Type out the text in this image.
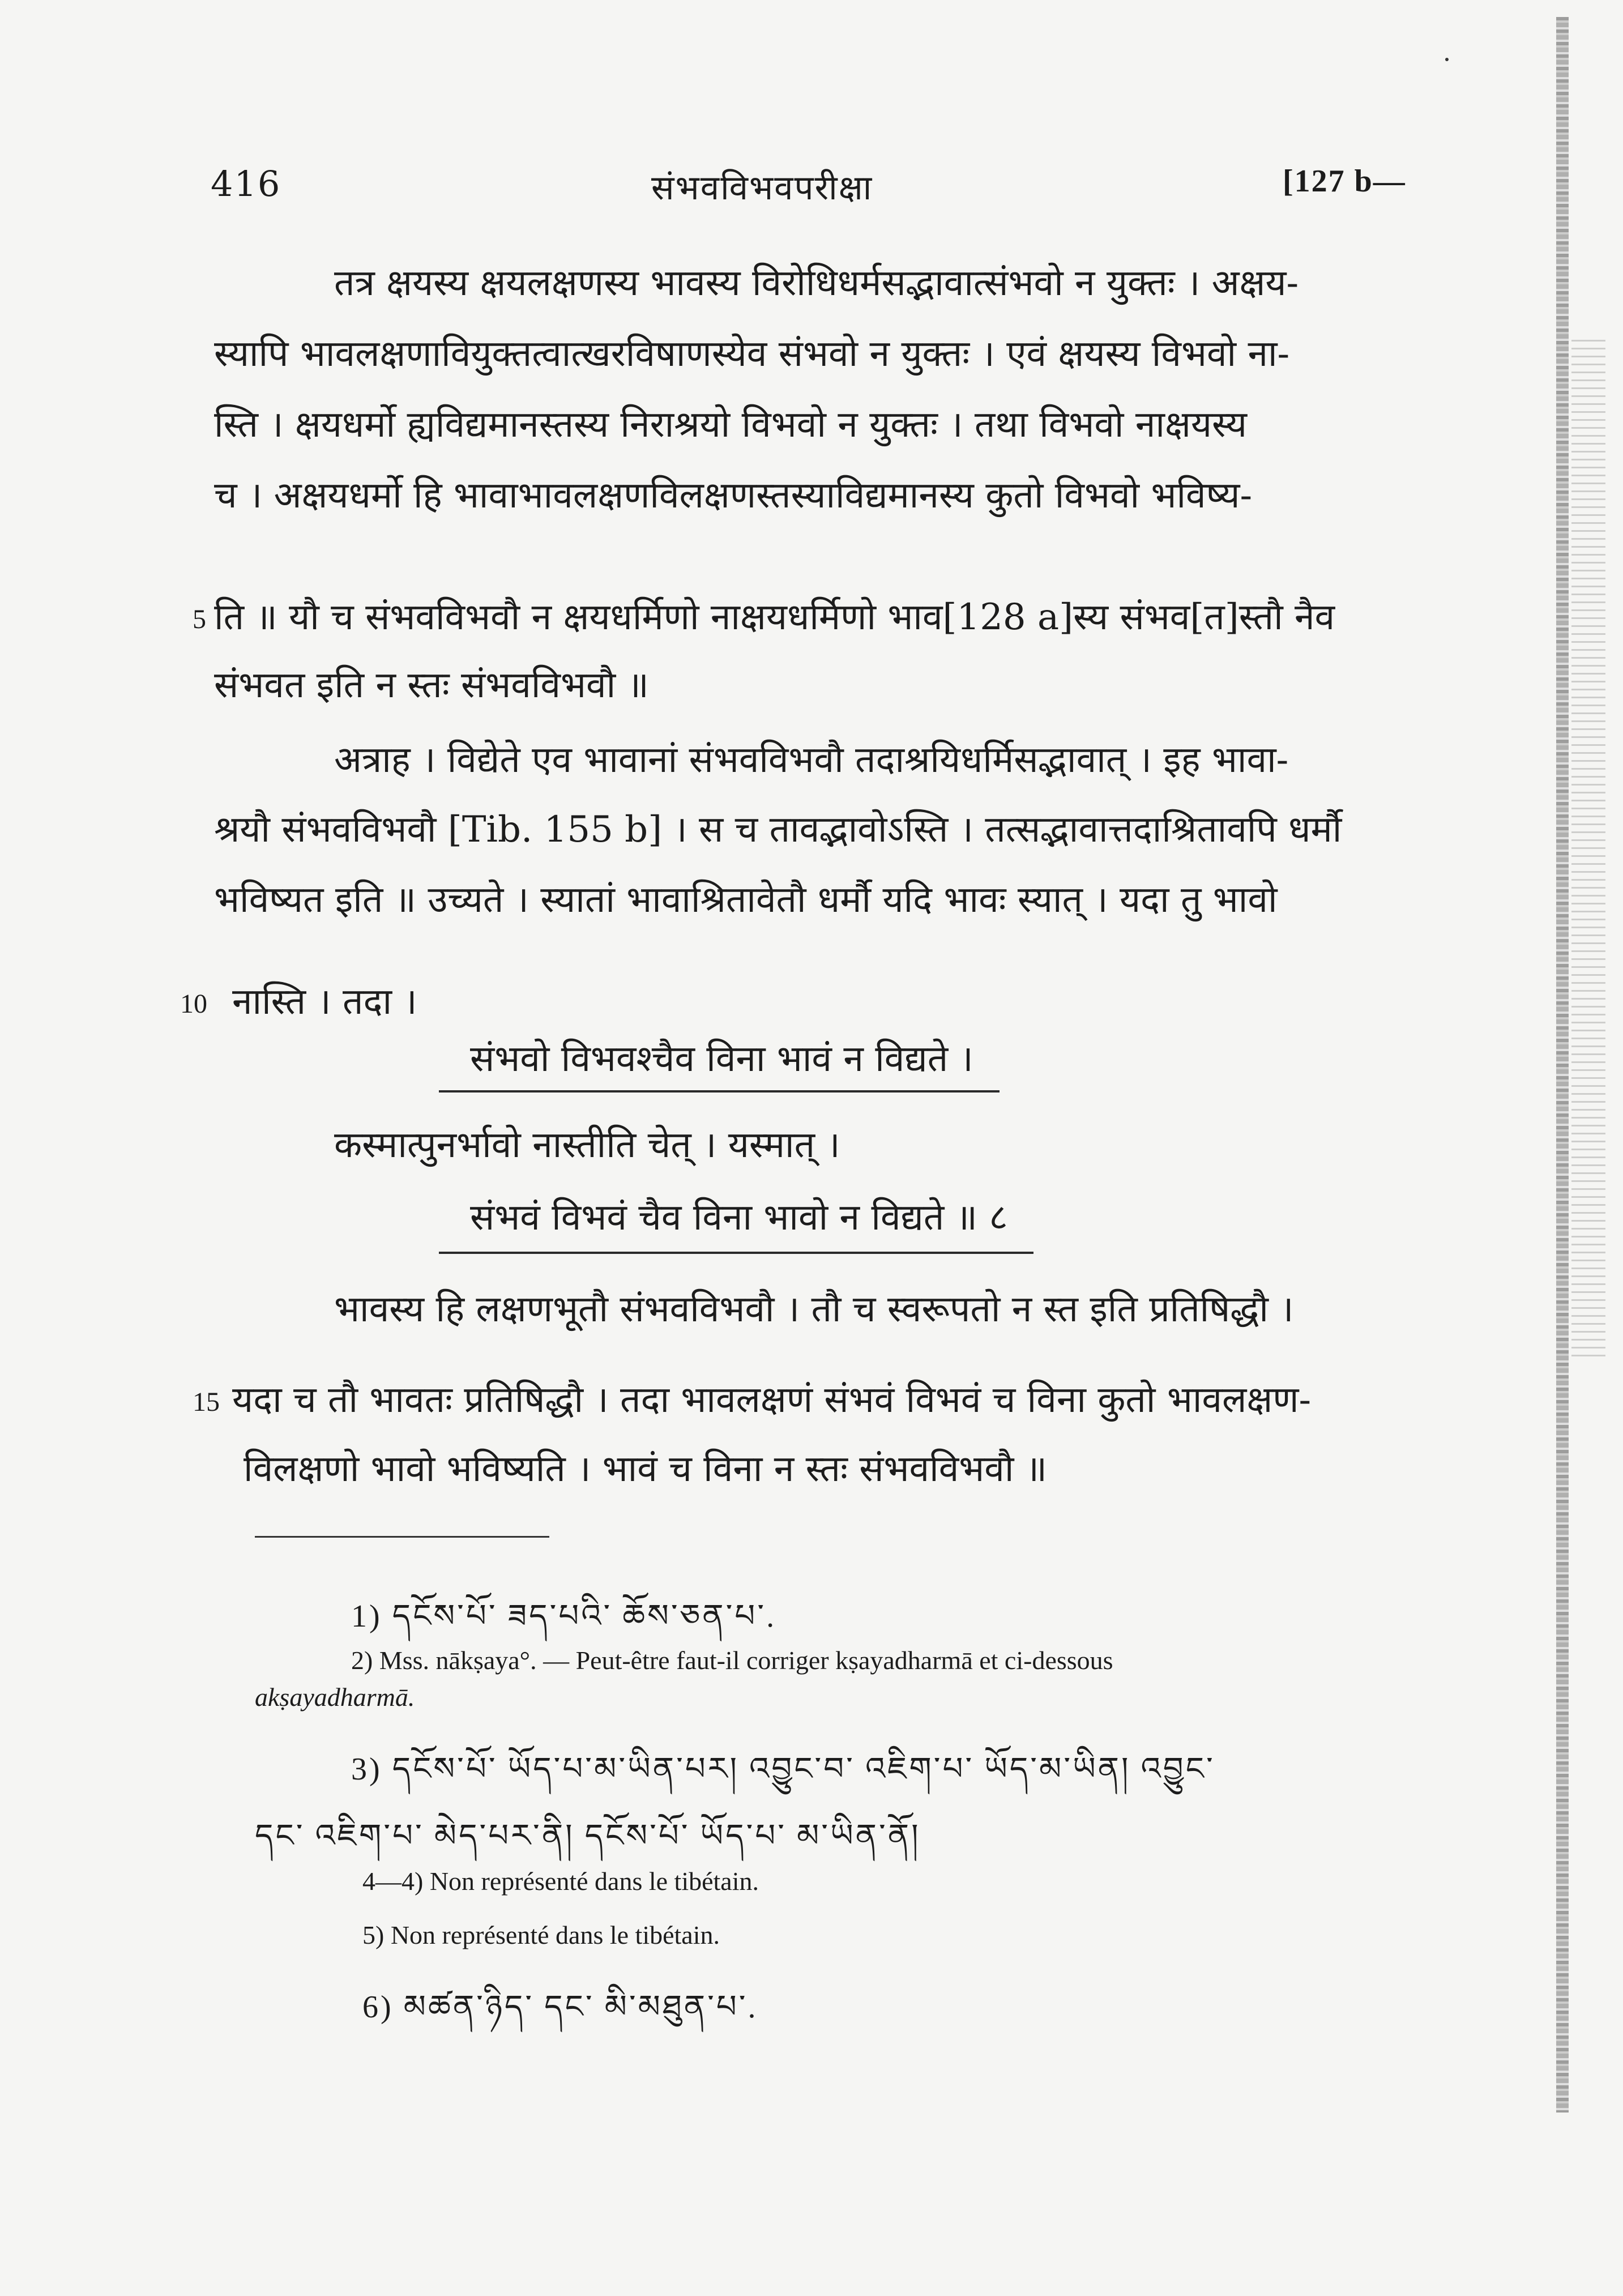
416	संभवविभवपरीक्षा	[127 b—
तत्र क्षयस्य क्षयलक्षणस्य भावस्य विरोधिधर्मसद्भावात्संभवो न युक्तः । अक्षय-
स्यापि भावलक्षणावियुक्तत्वात्खरविषाणस्येव संभवो न युक्तः । एवं क्षयस्य विभवो ना-
स्ति । क्षयधर्मो ह्यविद्यमानस्तस्य निराश्रयो विभवो न युक्तः । तथा विभवो नाक्षयस्य
च । अक्षयधर्मो हि भावाभावलक्षणविलक्षणस्तस्याविद्यमानस्य कुतो विभवो भविष्य-
5 ति ॥ यौ च संभवविभवौ न क्षयधर्मिणो नाक्षयधर्मिणो भाव[128 a]स्य संभव[त]स्तौ नैव
संभवत इति न स्तः संभवविभवौ ॥
अत्राह । विद्येते एव भावानां संभवविभवौ तदाश्रयिधर्मिसद्भावात् । इह भावा-
श्रयौ संभवविभवौ [Tib. 155 b] । स च तावद्भावोऽस्ति । तत्सद्भावात्तदाश्रितावपि धर्मौ
भविष्यत इति ॥ उच्यते । स्यातां भावाश्रितावेतौ धर्मौ यदि भावः स्यात् । यदा तु भावो
10 नास्ति । तदा ।
संभवो विभवश्चैव विना भावं न विद्यते ।
कस्मात्पुनर्भावो नास्तीति चेत् । यस्मात् ।
संभवं विभवं चैव विना भावो न विद्यते ॥ ८
भावस्य हि लक्षणभूतौ संभवविभवौ । तौ च स्वरूपतो न स्त इति प्रतिषिद्धौ ।
15 यदा च तौ भावतः प्रतिषिद्धौ । तदा भावलक्षणं संभवं विभवं च विना कुतो भावलक्षण-
विलक्षणो भावो भविष्यति । भावं च विना न स्तः संभवविभवौ ॥
1) དངོས་པོ་ ཟད་པའི་ ཆོས་ཅན་པ་.
2) Mss. nākṣaya°. — Peut-être faut-il corriger kṣayadharmā et ci-dessous
akṣayadharmā.
3) དངོས་པོ་ ཡོད་པ་མ་ཡིན་པར། འབྱུང་བ་ འཇིག་པ་ ཡོད་མ་ཡིན། འབྱུང་
དང་ འཇིག་པ་ མེད་པར་ནི། དངོས་པོ་ ཡོད་པ་ མ་ཡིན་ནོ།
4—4) Non représenté dans le tibétain.
5) Non représenté dans le tibétain.
6) མཚན་ཉིད་ དང་ མི་མཐུན་པ་.
